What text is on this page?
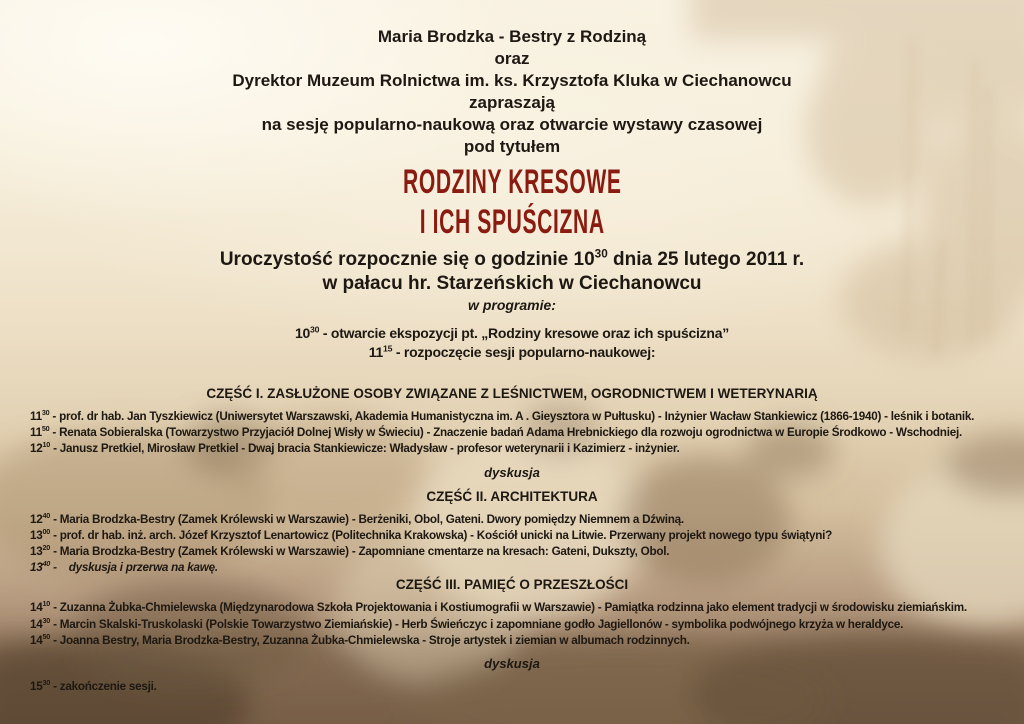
Maria Brodzka - Bestry z Rodziną
oraz
Dyrektor Muzeum Rolnictwa im. ks. Krzysztofa Kluka w Ciechanowcu
zapraszają
na sesję popularno-naukową oraz otwarcie wystawy czasowej
pod tytułem
RODZINY KRESOWE
I ICH SPUŚCIZNA
Uroczystość rozpocznie się o godzinie $10^{30}$ dnia 25 lutego 2011 r.
w pałacu hr. Starzeńskich w Ciechanowcu
w programie:
$10^{30}$ - otwarcie ekspozycji pt. „Rodziny kresowe oraz ich spuścizna”
$11^{15}$ - rozpoczęcie sesji popularno-naukowej:
CZĘŚĆ I. ZASŁUŻONE OSOBY ZWIĄZANE Z LEŚNICTWEM, OGRODNICTWEM I WETERYNARIĄ
$11^{30}$ - prof. dr hab. Jan Tyszkiewicz (Uniwersytet Warszawski, Akademia Humanistyczna im. A . Gieysztora w Pułtusku) - Inżynier Wacław Stankiewicz (1866-1940) - leśnik i botanik.
$11^{50}$ - Renata Sobieralska (Towarzystwo Przyjaciół Dolnej Wisły w Świeciu) - Znaczenie badań Adama Hrebnickiego dla rozwoju ogrodnictwa w Europie Środkowo - Wschodniej.
$12^{10}$ - Janusz Pretkiel, Mirosław Pretkiel - Dwaj bracia Stankiewicze: Władysław - profesor weterynarii i Kazimierz - inżynier.
dyskusja
CZĘŚĆ II. ARCHITEKTURA
$12^{40}$ - Maria Brodzka-Bestry (Zamek Królewski w Warszawie) - Berżeniki, Obol, Gateni. Dwory pomiędzy Niemnem a Dźwiną.
$13^{00}$ - prof. dr hab. inż. arch. Józef Krzysztof Lenartowicz (Politechnika Krakowska) - Kościół unicki na Litwie. Przerwany projekt nowego typu świątyni?
$13^{20}$ - Maria Brodzka-Bestry (Zamek Królewski w Warszawie) - Zapomniane cmentarze na kresach: Gateni, Dukszty, Obol.
$13^{40}$ -    dyskusja i przerwa na kawę.
CZĘŚĆ III. PAMIĘĆ O PRZESZŁOŚCI
$14^{10}$ - Zuzanna Żubka-Chmielewska (Międzynarodowa Szkoła Projektowania i Kostiumografii w Warszawie) - Pamiątka rodzinna jako element tradycji w środowisku ziemiańskim.
$14^{30}$ - Marcin Skalski-Truskolaski (Polskie Towarzystwo Ziemiańskie) - Herb Świeńczyc i zapomniane godło Jagiellonów - symbolika podwójnego krzyża w heraldyce.
$14^{50}$ - Joanna Bestry, Maria Brodzka-Bestry, Zuzanna Żubka-Chmielewska - Stroje artystek i ziemian w albumach rodzinnych.
dyskusja
$15^{30}$ - zakończenie sesji.
